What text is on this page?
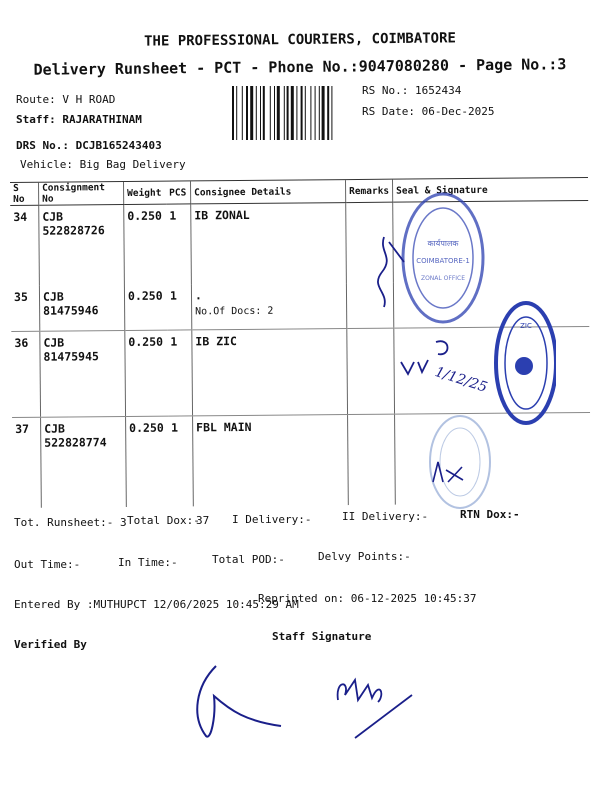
THE PROFESSIONAL COURIERS, COIMBATORE
Delivery Runsheet - PCT - Phone No.:9047080280 - Page No.:3
Route: V H ROAD
Staff: RAJARATHINAM
DRS No.: DCJB165243403
Vehicle: Big Bag Delivery
RS No.: 1652434
RS Date: 06-Dec-2025
S No	Consignment No	Weight	PCS	Consignee Details	Remarks	Seal & Signature
34	CJB 522828726	0.250	1	IB ZONAL		
35	CJB 81475946	0.250	1	.
No.Of Docs: 2		

36	CJB 81475945	0.250	1	IB ZIC		
37	CJB 522828774	0.250	1	FBL MAIN		
कार्यपालक
COIMBATORE-1
ZONAL OFFICE
ZIC
1/12/25
Tot. Runsheet:- 3 Total Dox:-
37 I Delivery:-	II Delivery:-	RTN Dox:-
Out Time:-	In Time:-	Total POD:-	Delvy Points:-
Entered By :MUTHUPCT 12/06/2025 10:45:29 AM
Reprinted on: 06-12-2025 10:45:37
Verified By
Staff Signature
